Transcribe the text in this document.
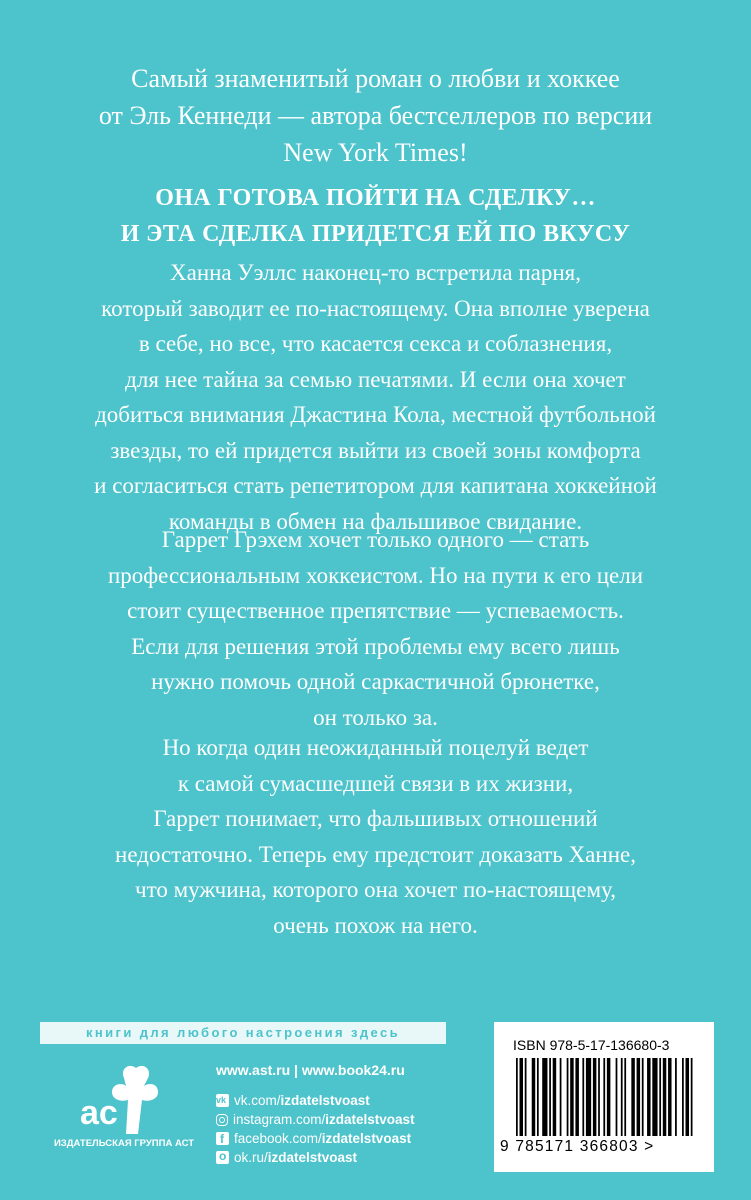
Самый знаменитый роман о любви и хоккее
от Эль Кеннеди — автора бестселлеров по версии
New York Times!
ОНА ГОТОВА ПОЙТИ НА СДЕЛКУ…
И ЭТА СДЕЛКА ПРИДЕТСЯ ЕЙ ПО ВКУСУ
Ханна Уэллс наконец-то встретила парня,
который заводит ее по-настоящему. Она вполне уверена
в себе, но все, что касается секса и соблазнения,
для нее тайна за семью печатями. И если она хочет
добиться внимания Джастина Кола, местной футбольной
звезды, то ей придется выйти из своей зоны комфорта
и согласиться стать репетитором для капитана хоккейной
команды в обмен на фальшивое свидание.
Гаррет Грэхем хочет только одного — стать
профессиональным хоккеистом. Но на пути к его цели
стоит существенное препятствие — успеваемость.
Если для решения этой проблемы ему всего лишь
нужно помочь одной саркастичной брюнетке,
он только за.
Но когда один неожиданный поцелуй ведет
к самой сумасшедшей связи в их жизни,
Гаррет понимает, что фальшивых отношений
недостаточно. Теперь ему предстоит доказать Ханне,
что мужчина, которого она хочет по-настоящему,
очень похож на него.
книги для любого настроения здесь
ас
ИЗДАТЕЛЬСКАЯ ГРУППА АСТ
www.ast.ru | www.book24.ru
vk
vk.com/ izdatelstvoast
instagram.com/ izdatelstvoast
f
facebook.com/ izdatelstvoast
o
ok.ru/ izdatelstvoast
ISBN 978-5-17-136680-3
9 785171 366803 >
